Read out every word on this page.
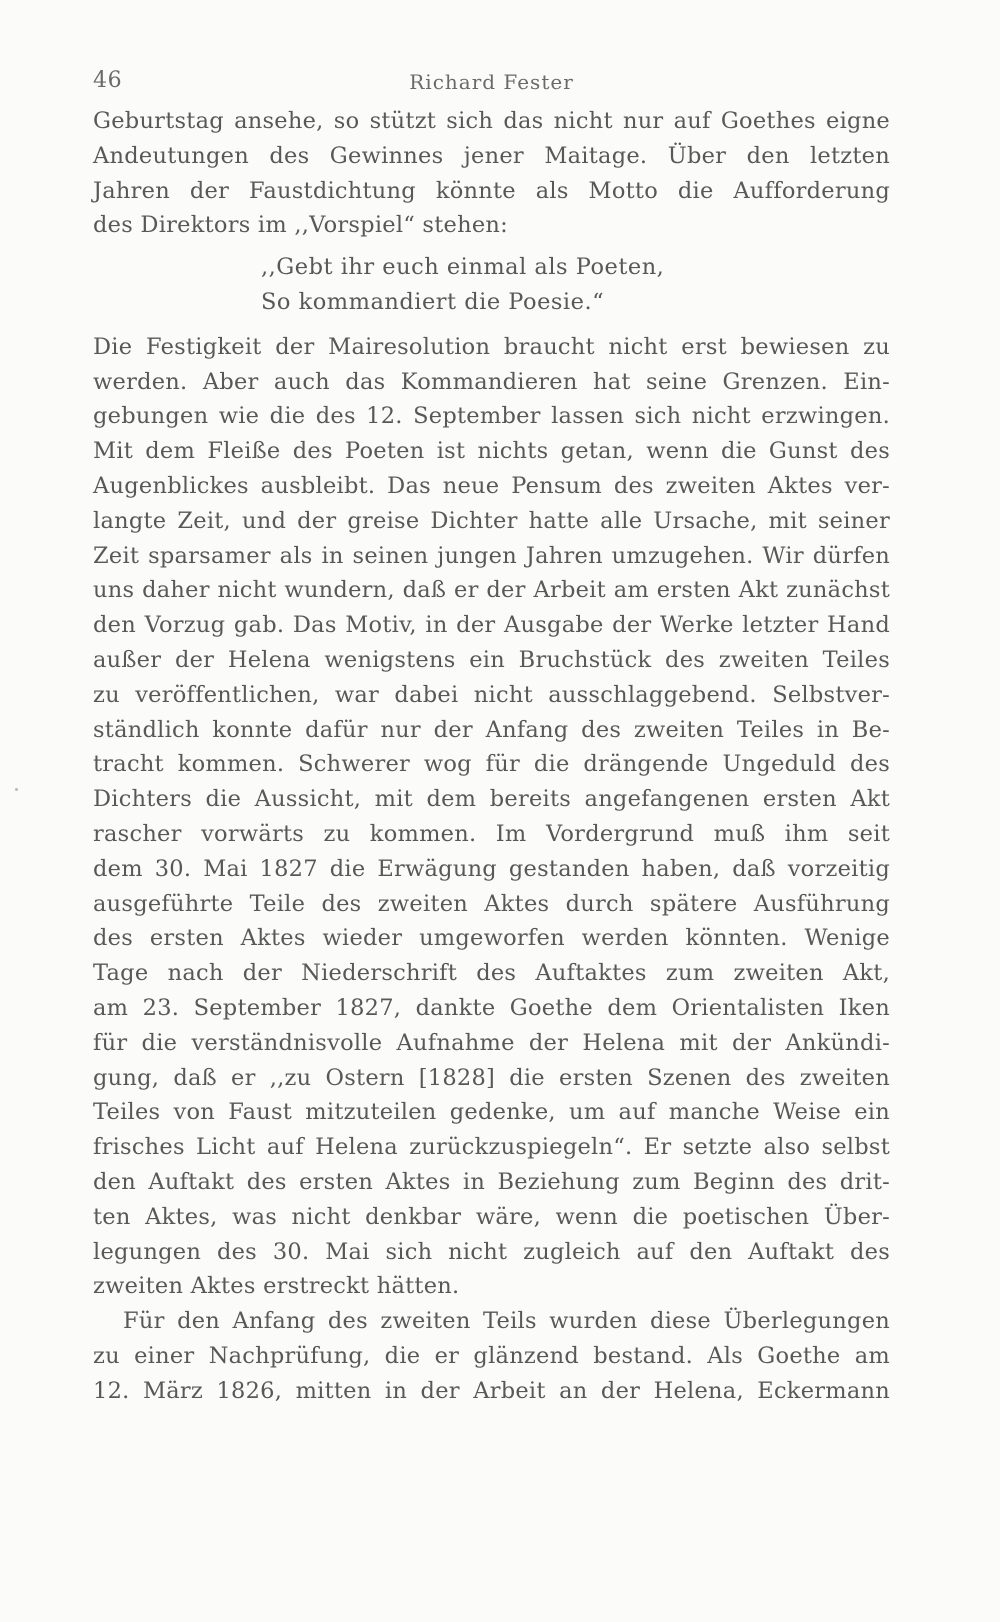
46	Richard Fester

Geburtstag ansehe, so stützt sich das nicht nur auf Goethes eigne
Andeutungen des Gewinnes jener Maitage. Über den letzten
Jahren der Faustdichtung könnte als Motto die Aufforderung
des Direktors im ,,Vorspiel“ stehen:

,,Gebt ihr euch einmal als Poeten,
So kommandiert die Poesie.“

Die Festigkeit der Mairesolution braucht nicht erst bewiesen zu
werden. Aber auch das Kommandieren hat seine Grenzen. Ein-
gebungen wie die des 12. September lassen sich nicht erzwingen.
Mit dem Fleiße des Poeten ist nichts getan, wenn die Gunst des
Augenblickes ausbleibt. Das neue Pensum des zweiten Aktes ver-
langte Zeit, und der greise Dichter hatte alle Ursache, mit seiner
Zeit sparsamer als in seinen jungen Jahren umzugehen. Wir dürfen
uns daher nicht wundern, daß er der Arbeit am ersten Akt zunächst
den Vorzug gab. Das Motiv, in der Ausgabe der Werke letzter Hand
außer der Helena wenigstens ein Bruchstück des zweiten Teiles
zu veröffentlichen, war dabei nicht ausschlaggebend. Selbstver-
ständlich konnte dafür nur der Anfang des zweiten Teiles in Be-
tracht kommen. Schwerer wog für die drängende Ungeduld des
Dichters die Aussicht, mit dem bereits angefangenen ersten Akt
rascher vorwärts zu kommen. Im Vordergrund muß ihm seit
dem 30. Mai 1827 die Erwägung gestanden haben, daß vorzeitig
ausgeführte Teile des zweiten Aktes durch spätere Ausführung
des ersten Aktes wieder umgeworfen werden könnten. Wenige
Tage nach der Niederschrift des Auftaktes zum zweiten Akt,
am 23. September 1827, dankte Goethe dem Orientalisten Iken
für die verständnisvolle Aufnahme der Helena mit der Ankündi-
gung, daß er ,,zu Ostern [1828] die ersten Szenen des zweiten
Teiles von Faust mitzuteilen gedenke, um auf manche Weise ein
frisches Licht auf Helena zurückzuspiegeln“. Er setzte also selbst
den Auftakt des ersten Aktes in Beziehung zum Beginn des drit-
ten Aktes, was nicht denkbar wäre, wenn die poetischen Über-
legungen des 30. Mai sich nicht zugleich auf den Auftakt des
zweiten Aktes erstreckt hätten.

Für den Anfang des zweiten Teils wurden diese Überlegungen
zu einer Nachprüfung, die er glänzend bestand. Als Goethe am
12. März 1826, mitten in der Arbeit an der Helena, Eckermann
